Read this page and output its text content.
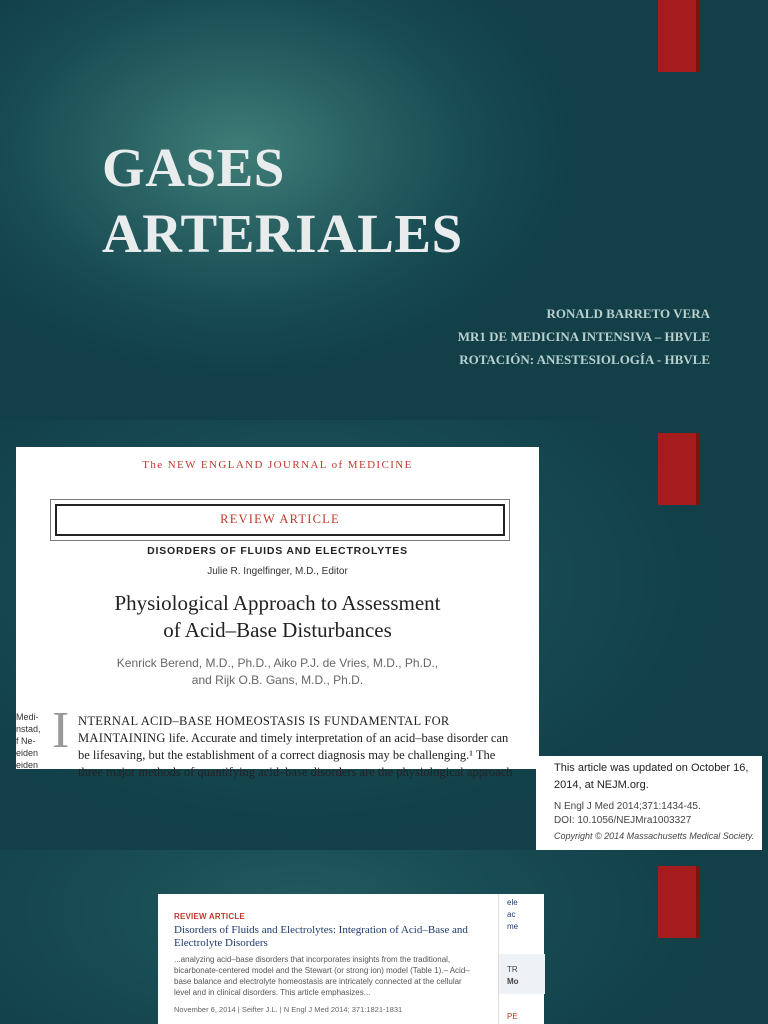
GASES
ARTERIALES
RONALD BARRETO VERA
MR1 DE MEDICINA INTENSIVA – HBVLE
ROTACIÓN: ANESTESIOLOGÍA - HBVLE
The NEW ENGLAND JOURNAL of MEDICINE
REVIEW ARTICLE
DISORDERS OF FLUIDS AND ELECTROLYTES
Julie R. Ingelfinger, M.D., Editor
Physiological Approach to Assessment
of Acid–Base Disturbances
Kenrick Berend, M.D., Ph.D., Aiko P.J. de Vries, M.D., Ph.D.,
and Rijk O.B. Gans, M.D., Ph.D.
Medi-
nstad,
f Ne-
eiden
eiden
I NTERNAL ACID–BASE HOMEOSTASIS IS FUNDAMENTAL FOR MAINTAINING life. Accurate and timely interpretation of an acid–base disorder can be lifesaving, but the establishment of a correct diagnosis may be challenging.¹ The three major methods of quantifying acid–base disorders are the physiological approach	This article was updated on October 16, 2014, at NEJM.org.
N Engl J Med 2014;371:1434-45.
DOI: 10.1056/NEJMra1003327
Copyright © 2014 Massachusetts Medical Society.
REVIEW ARTICLE
Disorders of Fluids and Electrolytes: Integration of Acid–Base and Electrolyte Disorders
...analyzing acid–base disorders that incorporates insights from the traditional, bicarbonate-centered model and the Stewart (or strong ion) model (Table 1).– Acid–base balance and electrolyte homeostasis are intricately connected at the cellular level and in clinical disorders. This article emphasizes...
November 6, 2014 | Seifter J.L. | N Engl J Med 2014; 371:1821-1831
ele
ac
me
TR
Mo
PE
